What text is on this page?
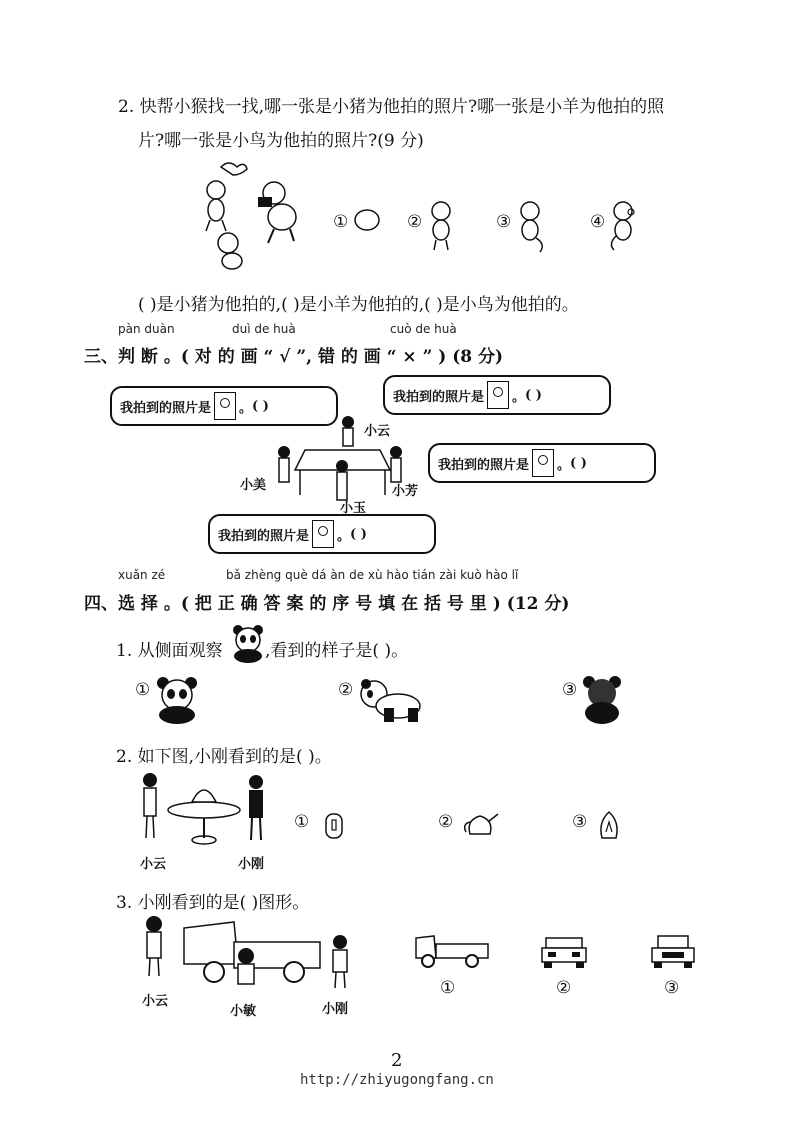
2. 快帮小猴找一找,哪一张是小猪为他拍的照片?哪一张是小羊为他拍的照
片?哪一张是小鸟为他拍的照片?(9 分)
①	②	③	④
( )是小猪为他拍的,( )是小羊为他拍的,( )是小鸟为他拍的。
pàn duàn	duì de huà	cuò de huà
三、判 断 。( 对 的 画 “ √ ”, 错 的 画 “ × ” ) (8 分)
我拍到的照片是 。 ( )
我拍到的照片是 。 ( )
我拍到的照片是 。 ( )
我拍到的照片是 。 ( )
小美
小云
小芳
小玉
xuǎn zé	bǎ zhèng què dá àn de xù hào tián zài kuò hào lǐ
四、选 择 。( 把 正 确 答 案 的 序 号 填 在 括 号 里 ) (12 分)
1. 从侧面观察 ,看到的样子是( )。
①	②	③
2. 如下图,小刚看到的是( )。
小云	小刚
①	②	③
3. 小刚看到的是( )图形。
小云
小敏	小刚
①	②	③
2
http://zhiyugongfang.cn
